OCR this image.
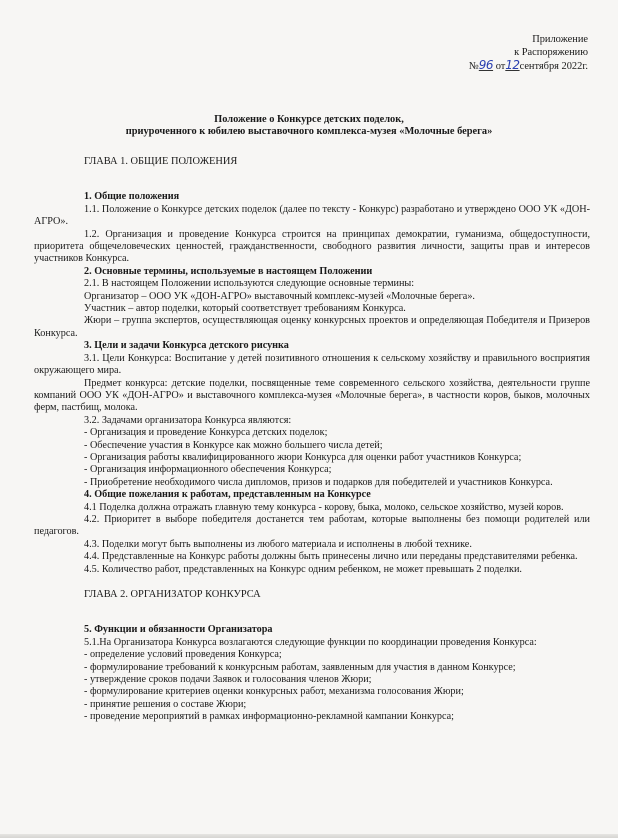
Приложение
к Распоряжению
№96 от12сентября 2022г.
Положение о Конкурсе детских поделок,
приуроченного к юбилею выставочного комплекса-музея «Молочные берега»

ГЛАВА 1. ОБЩИЕ ПОЛОЖЕНИЯ

1. Общие положения

1.1. Положение о Конкурсе детских поделок (далее по тексту - Конкурс) разработано и утверждено ООО УК «ДОН-АГРО».

1.2. Организация и проведение Конкурса строится на принципах демократии, гуманизма, общедоступности, приоритета общечеловеческих ценностей, гражданственности, свободного развития личности, защиты прав и интересов участников Конкурса.

2. Основные термины, используемые в настоящем Положении

2.1. В настоящем Положении используются следующие основные термины:

Организатор – ООО УК «ДОН-АГРО» выставочный комплекс-музей «Молочные берега».

Участник – автор поделки, который соответствует требованиям Конкурса.

Жюри – группа экспертов, осуществляющая оценку конкурсных проектов и определяющая Победителя и Призеров Конкурса.

3. Цели и задачи Конкурса детского рисунка

3.1. Цели Конкурса: Воспитание у детей позитивного отношения к сельскому хозяйству и правильного восприятия окружающего мира.

Предмет конкурса: детские поделки, посвященные теме современного сельского хозяйства, деятельности группе компаний ООО УК «ДОН-АГРО» и выставочного комплекса-музея «Молочные берега», в частности коров, быков, молочных ферм, пастбищ, молока.

3.2. Задачами организатора Конкурса являются:

- Организация и проведение Конкурса детских поделок;

- Обеспечение участия в Конкурсе как можно большего числа детей;

- Организация работы квалифицированного жюри Конкурса для оценки работ участников Конкурса;

- Организация информационного обеспечения Конкурса;

- Приобретение необходимого числа дипломов, призов и подарков для победителей и участников Конкурса.

4. Общие пожелания к работам, представленным на Конкурсе

4.1 Поделка должна отражать главную тему конкурса - корову, быка, молоко, сельское хозяйство, музей коров.

4.2. Приоритет в выборе победителя достанется тем работам, которые выполнены без помощи родителей или педагогов.

4.3. Поделки могут быть выполнены из любого материала и исполнены в любой технике.

4.4. Представленные на Конкурс работы должны быть принесены лично или переданы представителями ребенка.

4.5. Количество работ, представленных на Конкурс одним ребенком, не может превышать 2 поделки.

ГЛАВА 2. ОРГАНИЗАТОР КОНКУРСА

5. Функции и обязанности Организатора

5.1.На Организатора Конкурса возлагаются следующие функции по координации проведения Конкурса:

- определение условий проведения Конкурса;

- формулирование требований к конкурсным работам, заявленным для участия в данном Конкурсе;

- утверждение сроков подачи Заявок и голосования членов Жюри;

- формулирование критериев оценки конкурсных работ, механизма голосования Жюри;

- принятие решения о составе Жюри;

- проведение мероприятий в рамках информационно-рекламной кампании Конкурса;
